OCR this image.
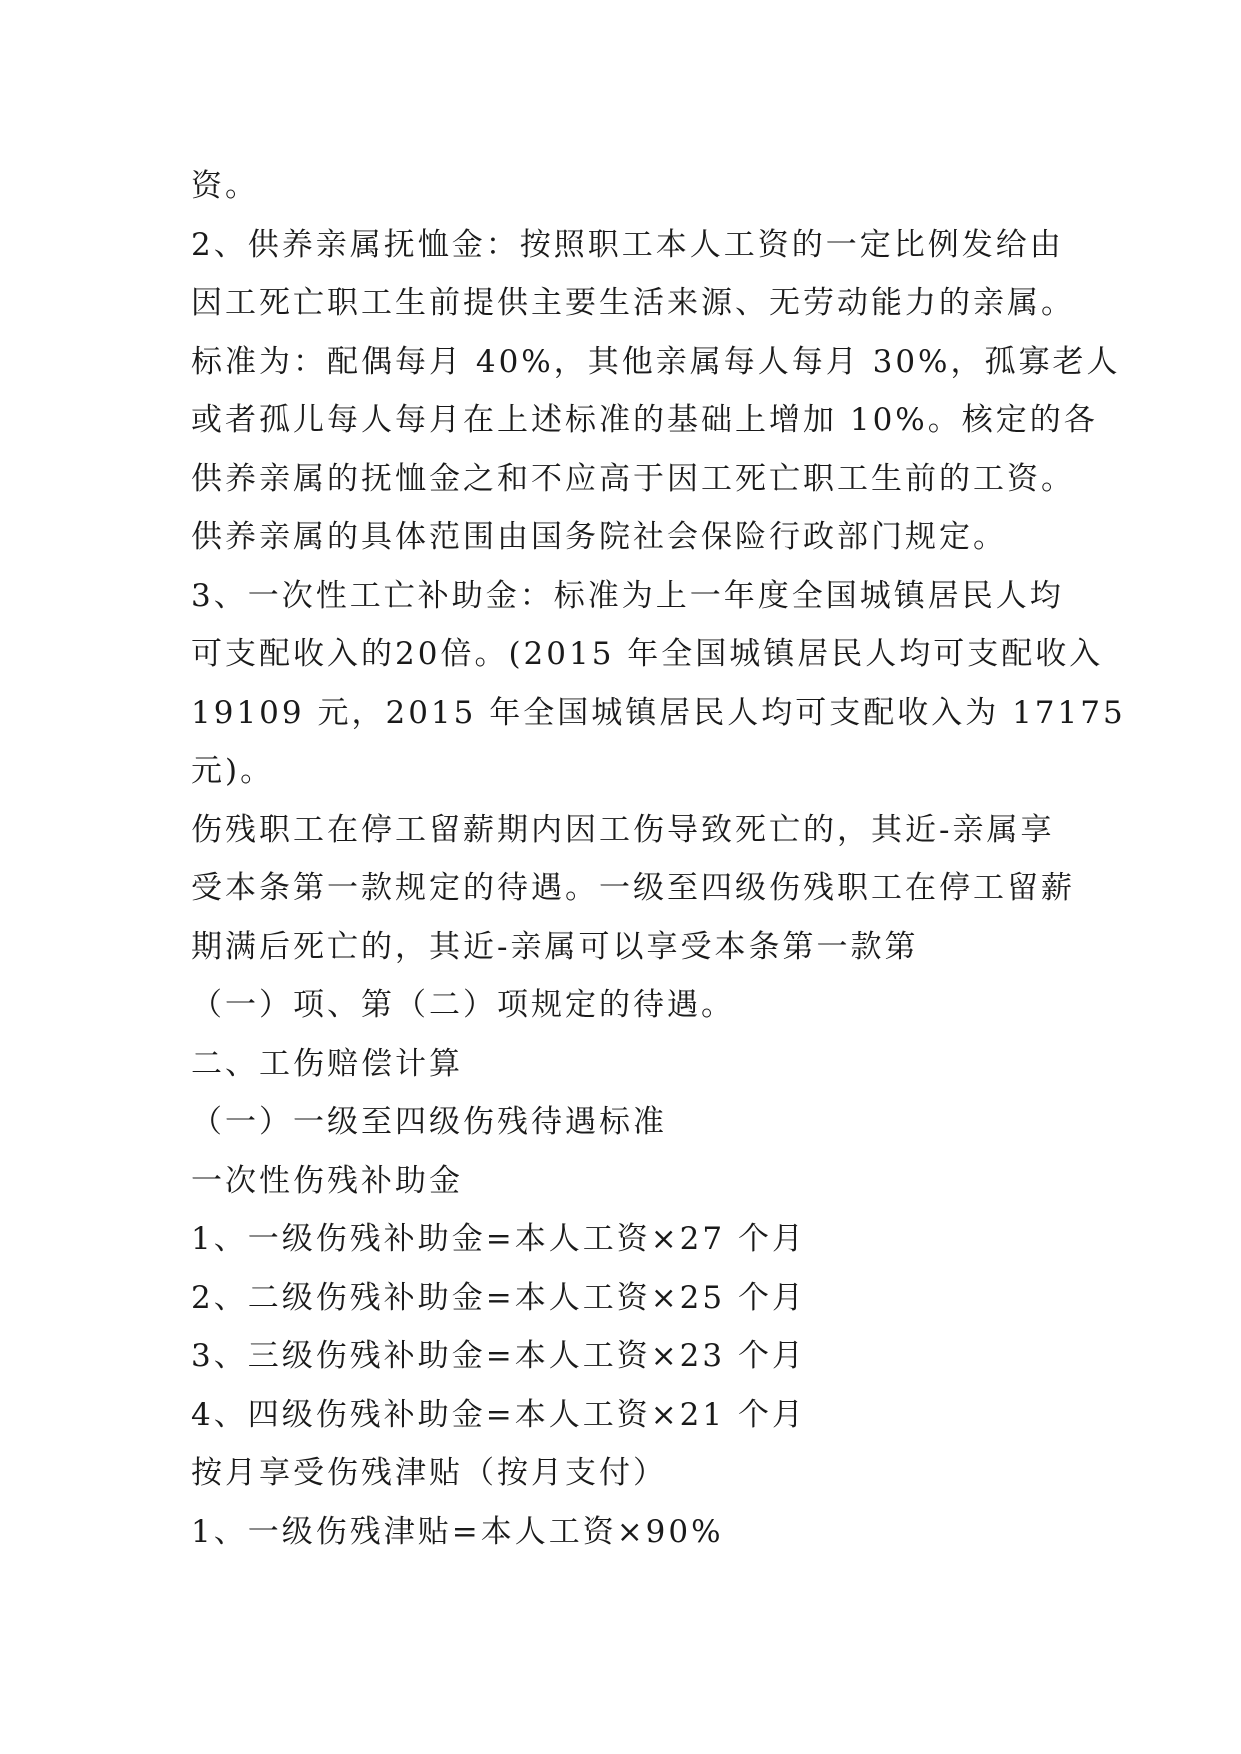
资。
2、供养亲属抚恤金：按照职工本人工资的一定比例发给由
因工死亡职工生前提供主要生活来源、无劳动能力的亲属。
标准为：配偶每月 40%，其他亲属每人每月 30%，孤寡老人
或者孤儿每人每月在上述标准的基础上增加 10%。核定的各
供养亲属的抚恤金之和不应高于因工死亡职工生前的工资。
供养亲属的具体范围由国务院社会保险行政部门规定。
3、一次性工亡补助金：标准为上一年度全国城镇居民人均
可支配收入的20倍。(2015 年全国城镇居民人均可支配收入
19109 元，2015 年全国城镇居民人均可支配收入为 17175
元)。
伤残职工在停工留薪期内因工伤导致死亡的，其近-亲属享
受本条第一款规定的待遇。一级至四级伤残职工在停工留薪
期满后死亡的，其近-亲属可以享受本条第一款第
（一）项、第（二）项规定的待遇。
二、工伤赔偿计算
（一）一级至四级伤残待遇标准
一次性伤残补助金
1、一级伤残补助金=本人工资×27 个月
2、二级伤残补助金=本人工资×25 个月
3、三级伤残补助金=本人工资×23 个月
4、四级伤残补助金=本人工资×21 个月
按月享受伤残津贴（按月支付）
1、一级伤残津贴=本人工资×90%
